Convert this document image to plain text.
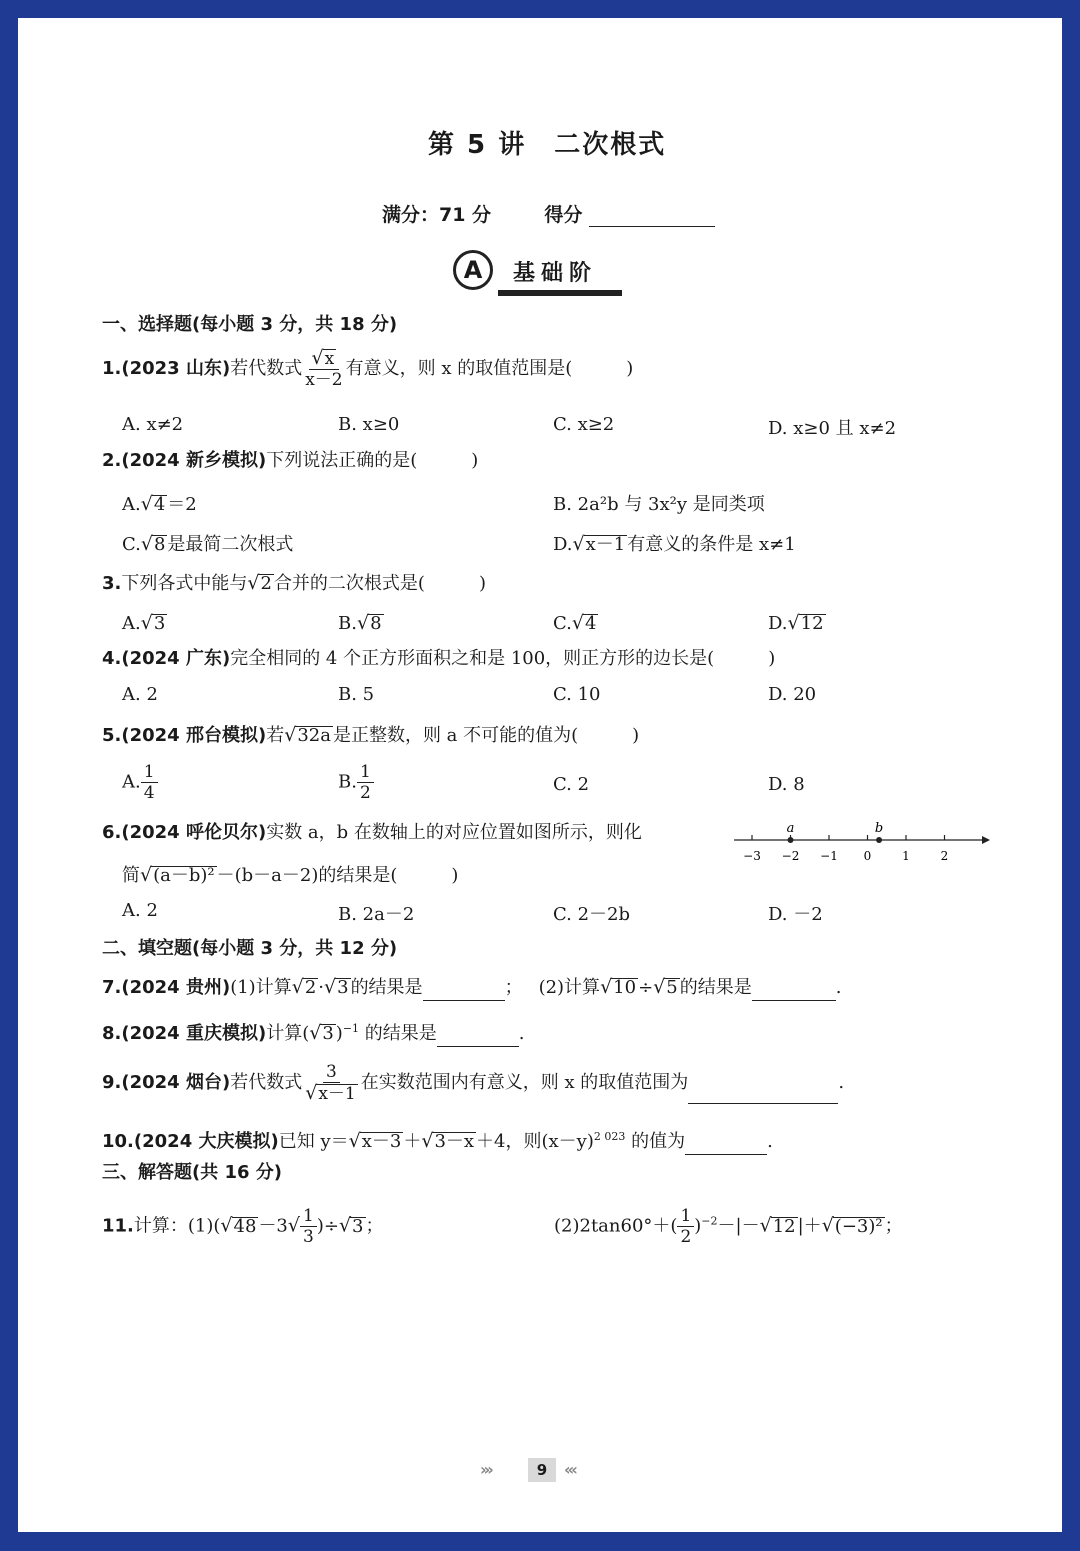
第 5 讲　二次根式
满分：71 分	得分
A	基础阶
一、选择题(每小题 3 分，共 18 分)
1.(2023 山东)若代数式 $\frac{√x}{x-2}$ 有意义，则 x 的取值范围是(　　　)
A. x≠2	B. x≥0	C. x≥2	D. x≥0 且 x≠2
2.(2024 新乡模拟)下列说法正确的是(　　　)
A.√4 ＝2	B. 2a²b 与 3x²y 是同类项
C.√8 是最简二次根式	D.√x－1 有意义的条件是 x≠1
3.下列各式中能与√2 合并的二次根式是(　　　)
A.√3	B.√8	C.√4	D.√12
4.(2024 广东)完全相同的 4 个正方形面积之和是 100，则正方形的边长是(　　　)
A. 2	B. 5	C. 10	D. 20
5.(2024 邢台模拟)若√32a 是正整数，则 a 不可能的值为(　　　)
A. $\frac{1}{4}$	B. $\frac{1}{2}$	C. 2	D. 8
6.(2024 呼伦贝尔)实数 a，b 在数轴上的对应位置如图所示，则化
简√(a－b)² －(b－a－2)的结果是(　　　)
−3 −2 −1 0	1	2
a	b
A. 2	B. 2a－2	C. 2－2b	D. －2
二、填空题(每小题 3 分，共 12 分)
7.(2024 贵州)(1)计算√2 ·√3 的结果是	； (2)计算√10 ÷√5 的结果是	.
8.(2024 重庆模拟)计算(√3 )$^{-1}$ 的结果是	.
9.(2024 烟台)若代数式 $\frac{3}{√x-1}$ 在实数范围内有意义，则 x 的取值范围为	.
10.(2024 大庆模拟)已知 y＝√x－3 ＋√3－x ＋4，则$(x-y)^{2 023}$ 的值为	.
三、解答题(共 16 分)
11.计算：$(1)(√48 -3√ \frac{1}{3} )\div√3$ ；	$(2)2\tan 60^\circ+( \frac{1}{2} )^{-2}-|-√12$ |＋√(−3)² ；
›››	9	‹‹‹
